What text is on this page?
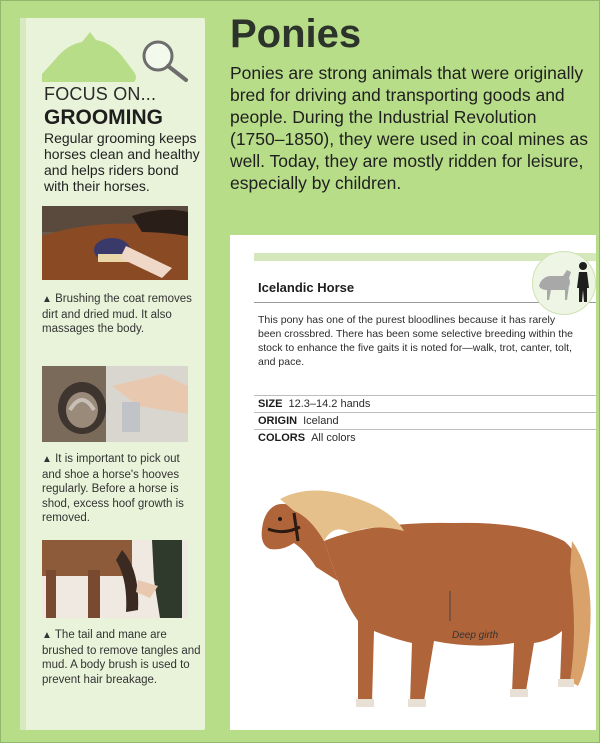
FOCUS ON...
GROOMING
Regular grooming keeps horses clean and healthy and helps riders bond with their horses.
▲ Brushing the coat removes dirt and dried mud. It also massages the body.
▲ It is important to pick out and shoe a horse's hooves regularly. Before a horse is shod, excess hoof growth is removed.
▲ The tail and mane are brushed to remove tangles and mud. A body brush is used to prevent hair breakage.
Ponies
Ponies are strong animals that were originally bred for driving and transporting goods and people. During the Industrial Revolution (1750–1850), they were used in coal mines as well. Today, they are mostly ridden for leisure, especially by children.
Icelandic Horse
This pony has one of the purest bloodlines because it has rarely been crossbred. There has been some selective breeding within the stock to enhance the five gaits it is noted for—walk, trot, canter, tolt, and pace.
SIZE 12.3–14.2 hands
ORIGIN Iceland
COLORS All colors
Deep girth
